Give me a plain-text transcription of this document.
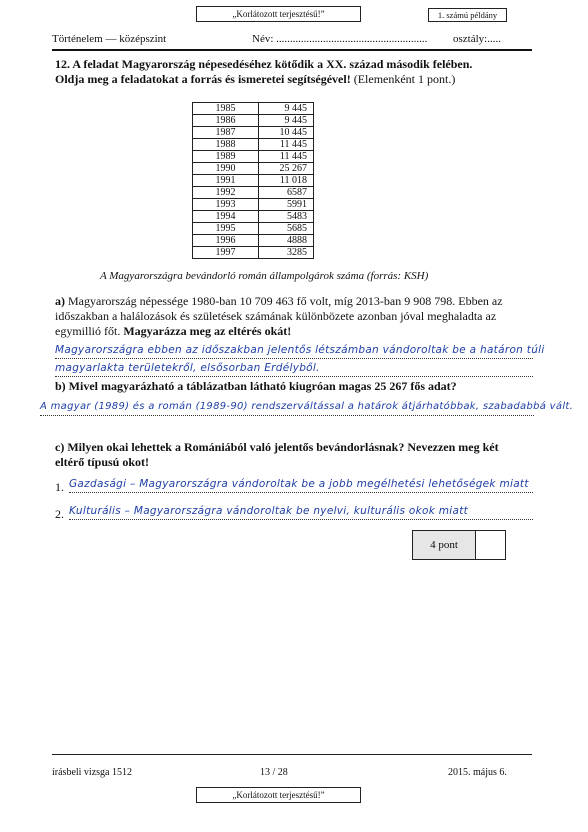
„Korlátozott terjesztésű!”	1. számú példány
Történelem — középszint	Név: ....................................................... osztály:.....
12. A feladat Magyarország népesedéséhez kötődik a XX. század második felében.
Oldja meg a feladatokat a forrás és ismeretei segítségével! (Elemenként 1 pont.)
1985	9 445
1986	9 445
1987	10 445
1988	11 445
1989	11 445
1990	25 267
1991	11 018
1992	6587
1993	5991
1994	5483
1995	5685
1996	4888
1997	3285
A Magyarországra bevándorló román állampolgárok száma (forrás: KSH)
a) Magyarország népessége 1980-ban 10 709 463 fő volt, míg 2013-ban 9 908 798. Ebben az
időszakban a halálozások és születések számának különbözete azonban jóval meghaladta az
egymillió főt. Magyarázza meg az eltérés okát!
Magyarországra ebben az időszakban jelentős létszámban vándoroltak be a határon túli
magyarlakta területekről, elsősorban Erdélyből.
b) Mivel magyarázható a táblázatban látható kiugróan magas 25 267 fős adat?
A magyar (1989) és a román (1989-90) rendszerváltással a határok átjárhatóbbak, szabadabbá vált.
c) Milyen okai lehettek a Romániából való jelentős bevándorlásnak? Nevezzen meg két
eltérő típusú okot!
1. Gazdasági – Magyarországra vándoroltak be a jobb megélhetési lehetőségek miatt
2. Kulturális – Magyarországra vándoroltak be nyelvi, kulturális okok miatt
4 pont
írásbeli vizsga 1512	13 / 28	2015. május 6.
„Korlátozott terjesztésű!”
